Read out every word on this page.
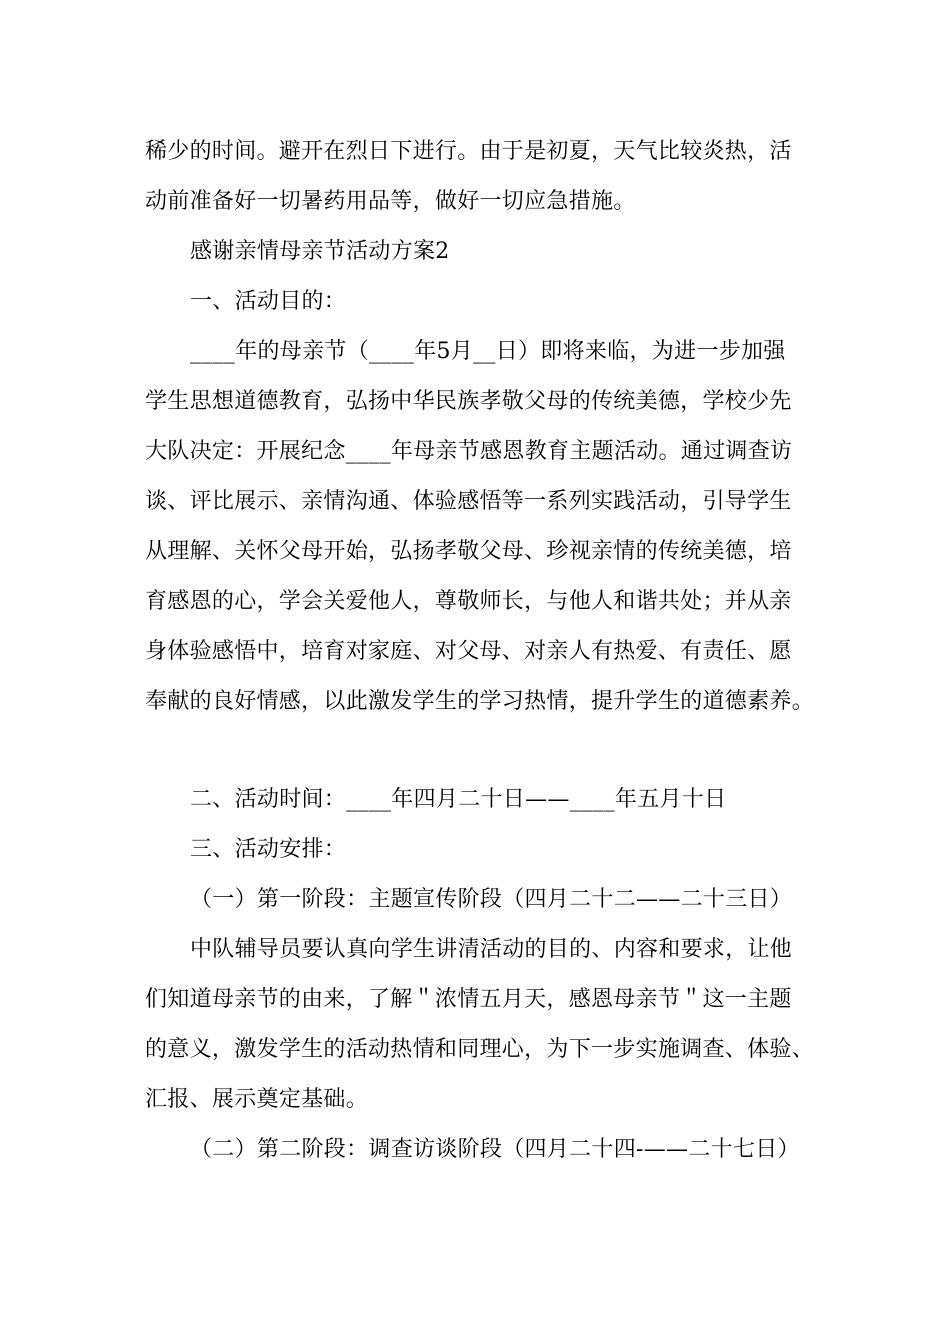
稀少的时间。避开在烈日下进行。由于是初夏，天气比较炎热，活
动前准备好一切暑药用品等，做好一切应急措施。
感谢亲情母亲节活动方案2
一、活动目的：
____年的母亲节（____年5月__日）即将来临，为进一步加强
学生思想道德教育，弘扬中华民族孝敬父母的传统美德，学校少先
大队决定：开展纪念____年母亲节感恩教育主题活动。通过调查访
谈、评比展示、亲情沟通、体验感悟等一系列实践活动，引导学生
从理解、关怀父母开始，弘扬孝敬父母、珍视亲情的传统美德，培
育感恩的心，学会关爱他人，尊敬师长，与他人和谐共处；并从亲
身体验感悟中，培育对家庭、对父母、对亲人有热爱、有责任、愿
奉献的良好情感，以此激发学生的学习热情，提升学生的道德素养。
二、活动时间：____年四月二十日——____年五月十日
三、活动安排：
（一）第一阶段：主题宣传阶段（四月二十二——二十三日）
中队辅导员要认真向学生讲清活动的目的、内容和要求，让他
们知道母亲节的由来，了解＂浓情五月天，感恩母亲节＂这一主题
的意义，激发学生的活动热情和同理心，为下一步实施调查、体验、
汇报、展示奠定基础。
（二）第二阶段：调查访谈阶段（四月二十四-——二十七日）
